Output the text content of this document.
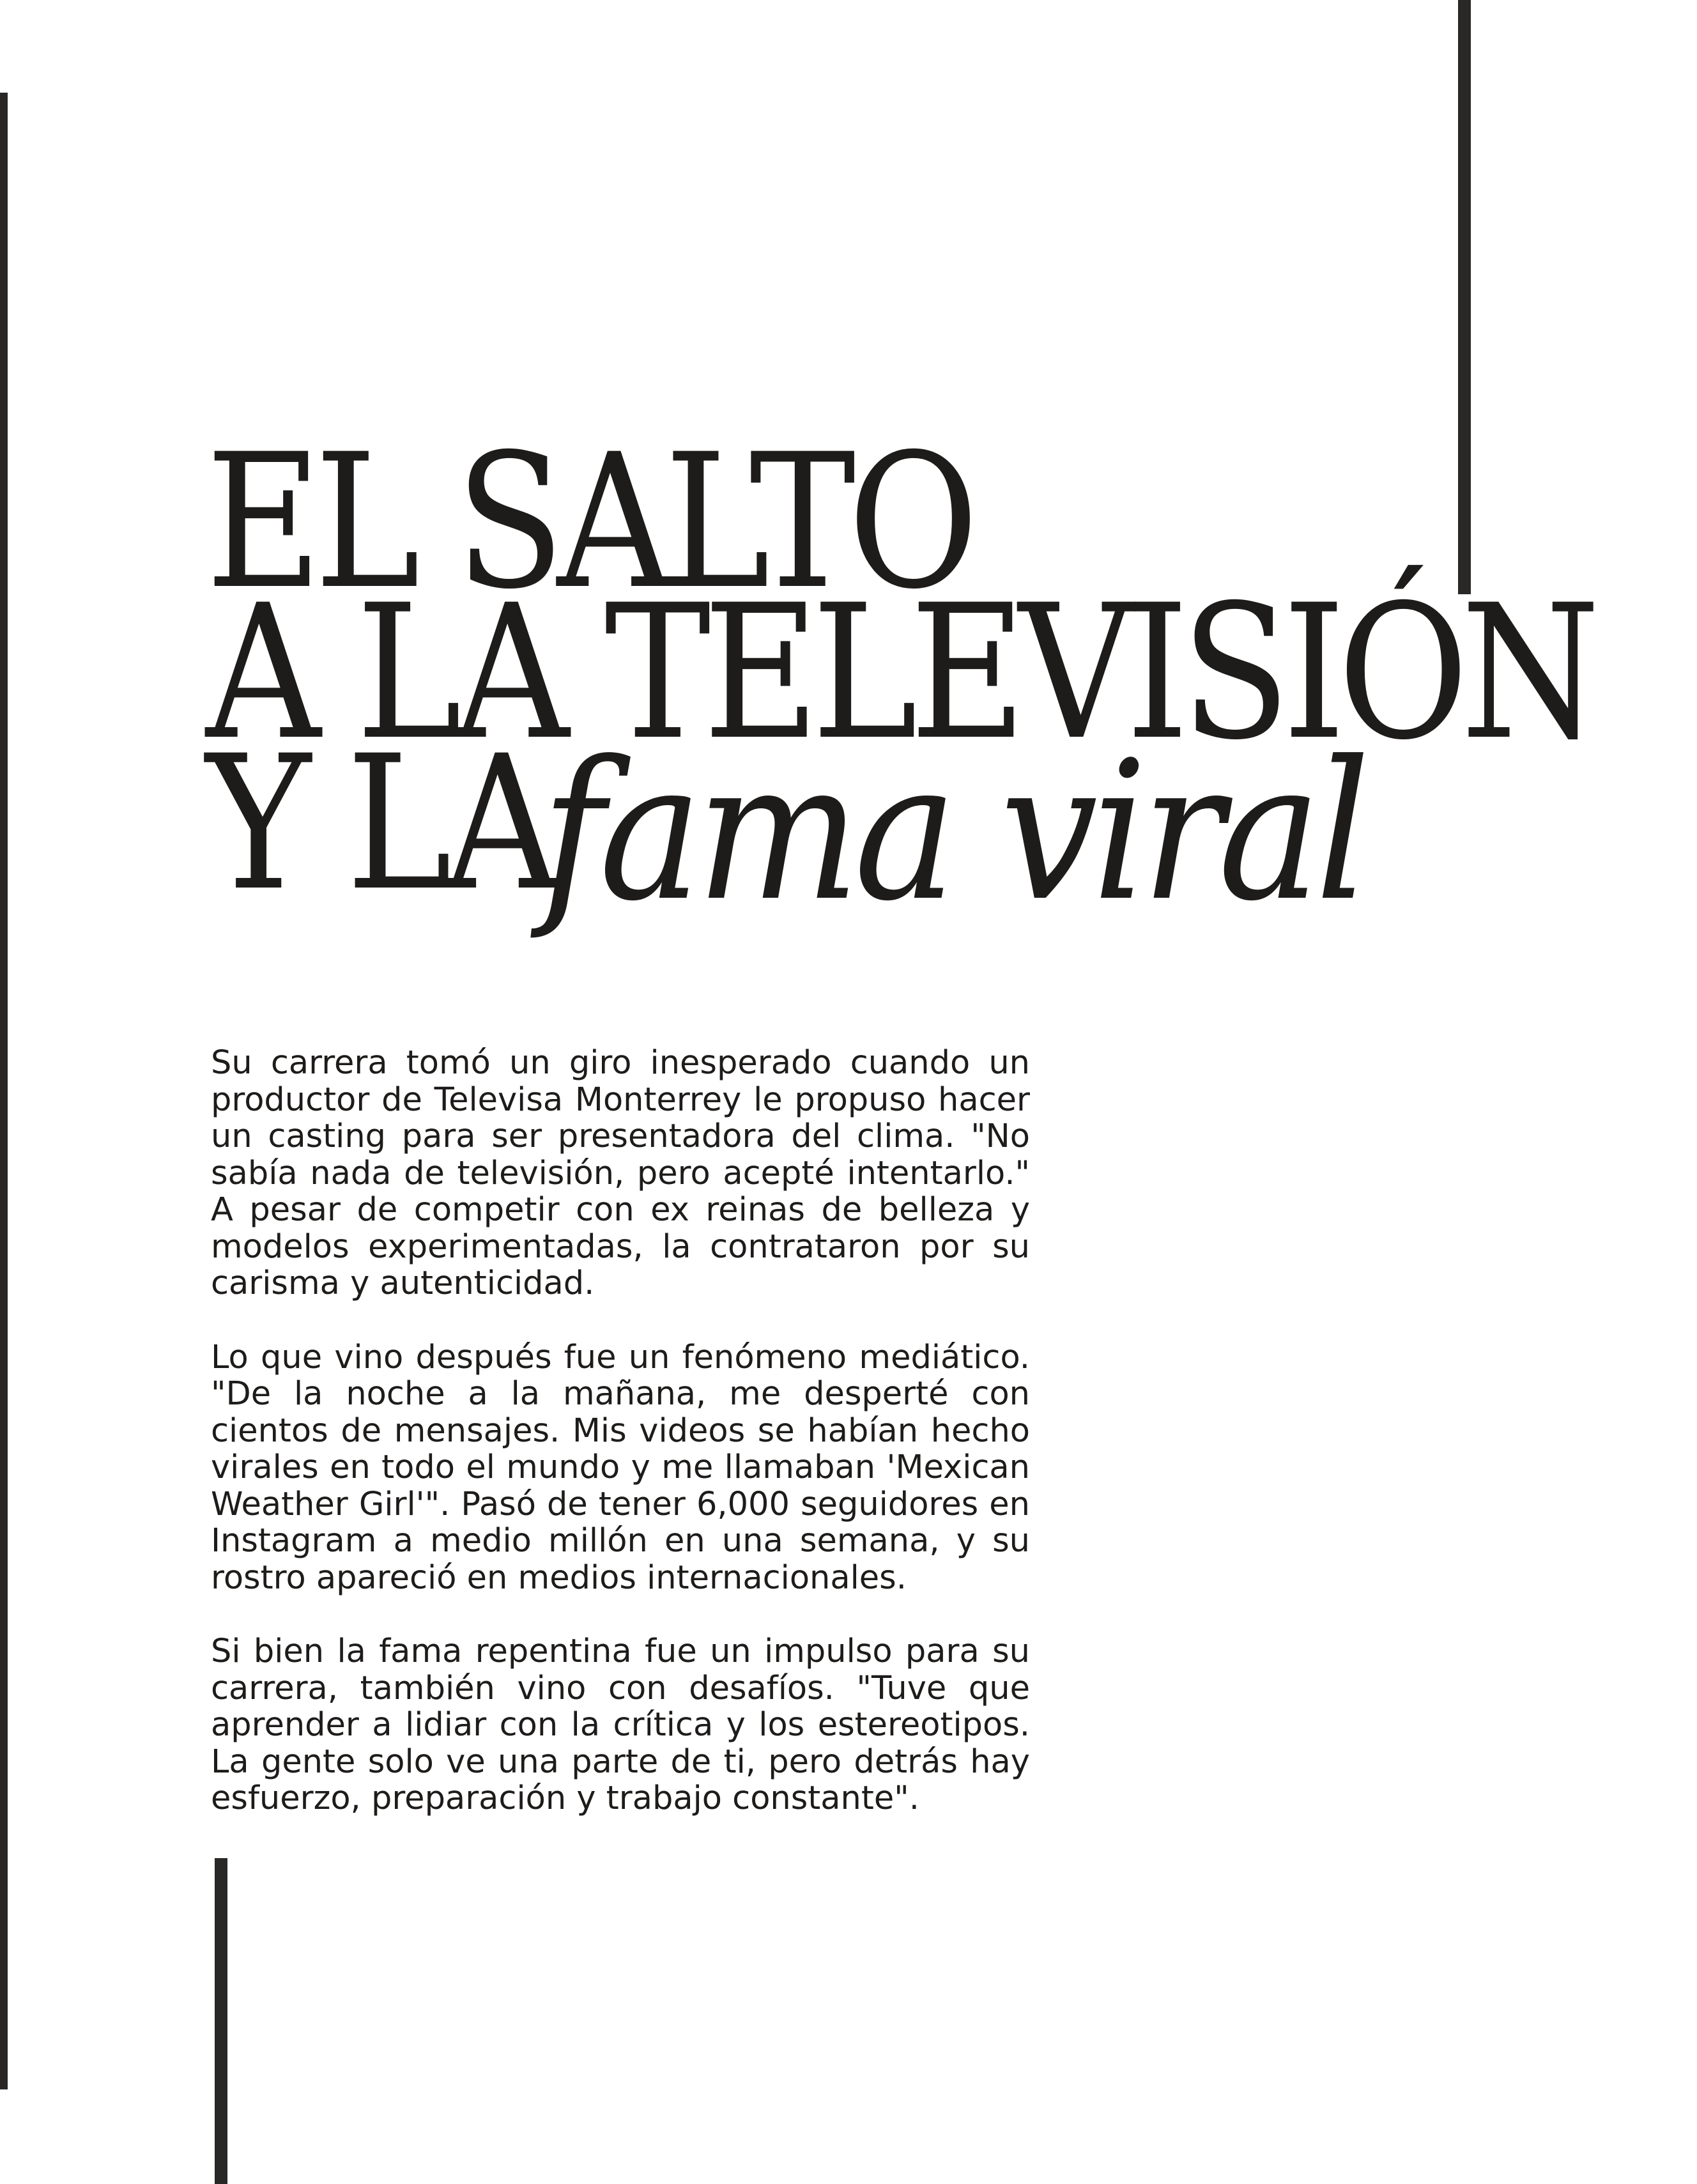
EL SALTO
A LA TELEVISIÓN
Y LA
fama viral

Su carrera tomó un giro inesperado cuando un productor de Televisa Monterrey le propuso hacer un casting para ser presentadora del clima. "No sabía nada de televisión, pero acepté intentarlo." A pesar de competir con ex reinas de belleza y modelos experimentadas, la contrataron por su carisma y autenticidad.

Lo que vino después fue un fenómeno mediático. "De la noche a la mañana, me desperté con cientos de mensajes. Mis videos se habían hecho virales en todo el mundo y me llamaban 'Mexican Weather Girl'". Pasó de tener 6,000 seguidores en Instagram a medio millón en una semana, y su rostro apareció en medios internacionales.

Si bien la fama repentina fue un impulso para su carrera, también vino con desafíos. "Tuve que aprender a lidiar con la crítica y los estereotipos. La gente solo ve una parte de ti, pero detrás hay esfuerzo, preparación y trabajo constante".
